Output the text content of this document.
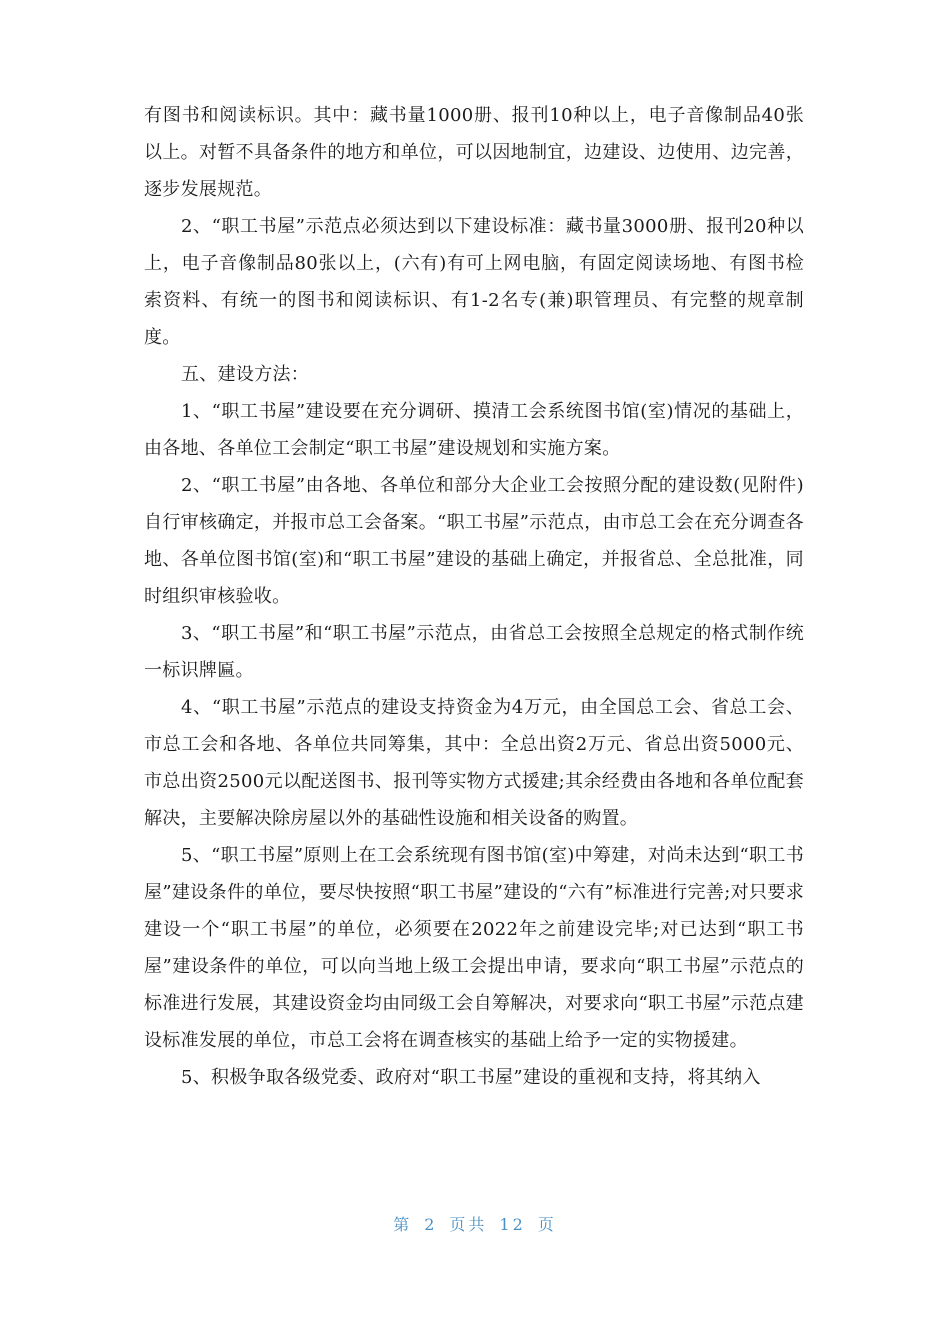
有图书和阅读标识。其中：藏书量1000册、报刊10种以上，电子音像制品40张以上。对暂不具备条件的地方和单位，可以因地制宜，边建设、边使用、边完善，逐步发展规范。

2、“职工书屋”示范点必须达到以下建设标准：藏书量3000册、报刊20种以上，电子音像制品80张以上，(六有)有可上网电脑，有固定阅读场地、有图书检索资料、有统一的图书和阅读标识、有1-2名专(兼)职管理员、有完整的规章制度。

五、建设方法：

1、“职工书屋”建设要在充分调研、摸清工会系统图书馆(室)情况的基础上，由各地、各单位工会制定“职工书屋”建设规划和实施方案。

2、“职工书屋”由各地、各单位和部分大企业工会按照分配的建设数(见附件)自行审核确定，并报市总工会备案。“职工书屋”示范点，由市总工会在充分调查各地、各单位图书馆(室)和“职工书屋”建设的基础上确定，并报省总、全总批准，同时组织审核验收。

3、“职工书屋”和“职工书屋”示范点，由省总工会按照全总规定的格式制作统一标识牌匾。

4、“职工书屋”示范点的建设支持资金为4万元，由全国总工会、省总工会、市总工会和各地、各单位共同筹集，其中：全总出资2万元、省总出资5000元、市总出资2500元以配送图书、报刊等实物方式援建;其余经费由各地和各单位配套解决，主要解决除房屋以外的基础性设施和相关设备的购置。

5、“职工书屋”原则上在工会系统现有图书馆(室)中筹建，对尚未达到“职工书屋”建设条件的单位，要尽快按照“职工书屋”建设的“六有”标准进行完善;对只要求建设一个“职工书屋”的单位，必须要在2022年之前建设完毕;对已达到“职工书屋”建设条件的单位，可以向当地上级工会提出申请，要求向“职工书屋”示范点的标准进行发展，其建设资金均由同级工会自筹解决，对要求向“职工书屋”示范点建设标准发展的单位，市总工会将在调查核实的基础上给予一定的实物援建。

5、积极争取各级党委、政府对“职工书屋”建设的重视和支持，将其纳入

第 2 页共 12 页
